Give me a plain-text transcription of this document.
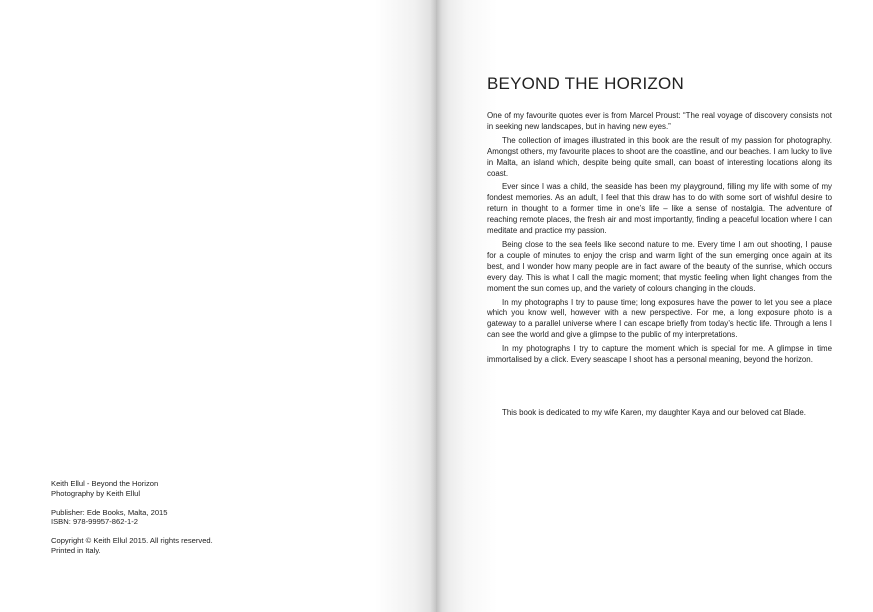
Keith Ellul - Beyond the Horizon
Photography by Keith Ellul
Publisher: Ede Books, Malta, 2015
ISBN: 978-99957-862-1-2
Copyright © Keith Ellul 2015. All rights reserved.
Printed in Italy.
BEYOND THE HORIZON

One of my favourite quotes ever is from Marcel Proust: “The real voyage of discovery consists not in seeking new landscapes, but in having new eyes.”

The collection of images illustrated in this book are the result of my passion for photography. Amongst others, my favourite places to shoot are the coastline, and our beaches. I am lucky to live in Malta, an island which, despite being quite small, can boast of interesting locations along its coast.

Ever since I was a child, the seaside has been my playground, filling my life with some of my fondest memories. As an adult, I feel that this draw has to do with some sort of wishful desire to return in thought to a former time in one’s life – like a sense of nostalgia. The adventure of reaching remote places, the fresh air and most importantly, finding a peaceful location where I can meditate and practice my passion.

Being close to the sea feels like second nature to me. Every time I am out shooting, I pause for a couple of minutes to enjoy the crisp and warm light of the sun emerging once again at its best, and I wonder how many people are in fact aware of the beauty of the sunrise, which occurs every day. This is what I call the magic moment; that mystic feeling when light changes from the moment the sun comes up, and the variety of colours changing in the clouds.

In my photographs I try to pause time; long exposures have the power to let you see a place which you know well, however with a new perspective. For me, a long exposure photo is a gateway to a parallel universe where I can escape briefly from today’s hectic life. Through a lens I can see the world and give a glimpse to the public of my interpretations.

In my photographs I try to capture the moment which is special for me. A glimpse in time immortalised by a click. Every seascape I shoot has a personal meaning, beyond the horizon.

This book is dedicated to my wife Karen, my daughter Kaya and our beloved cat Blade.
